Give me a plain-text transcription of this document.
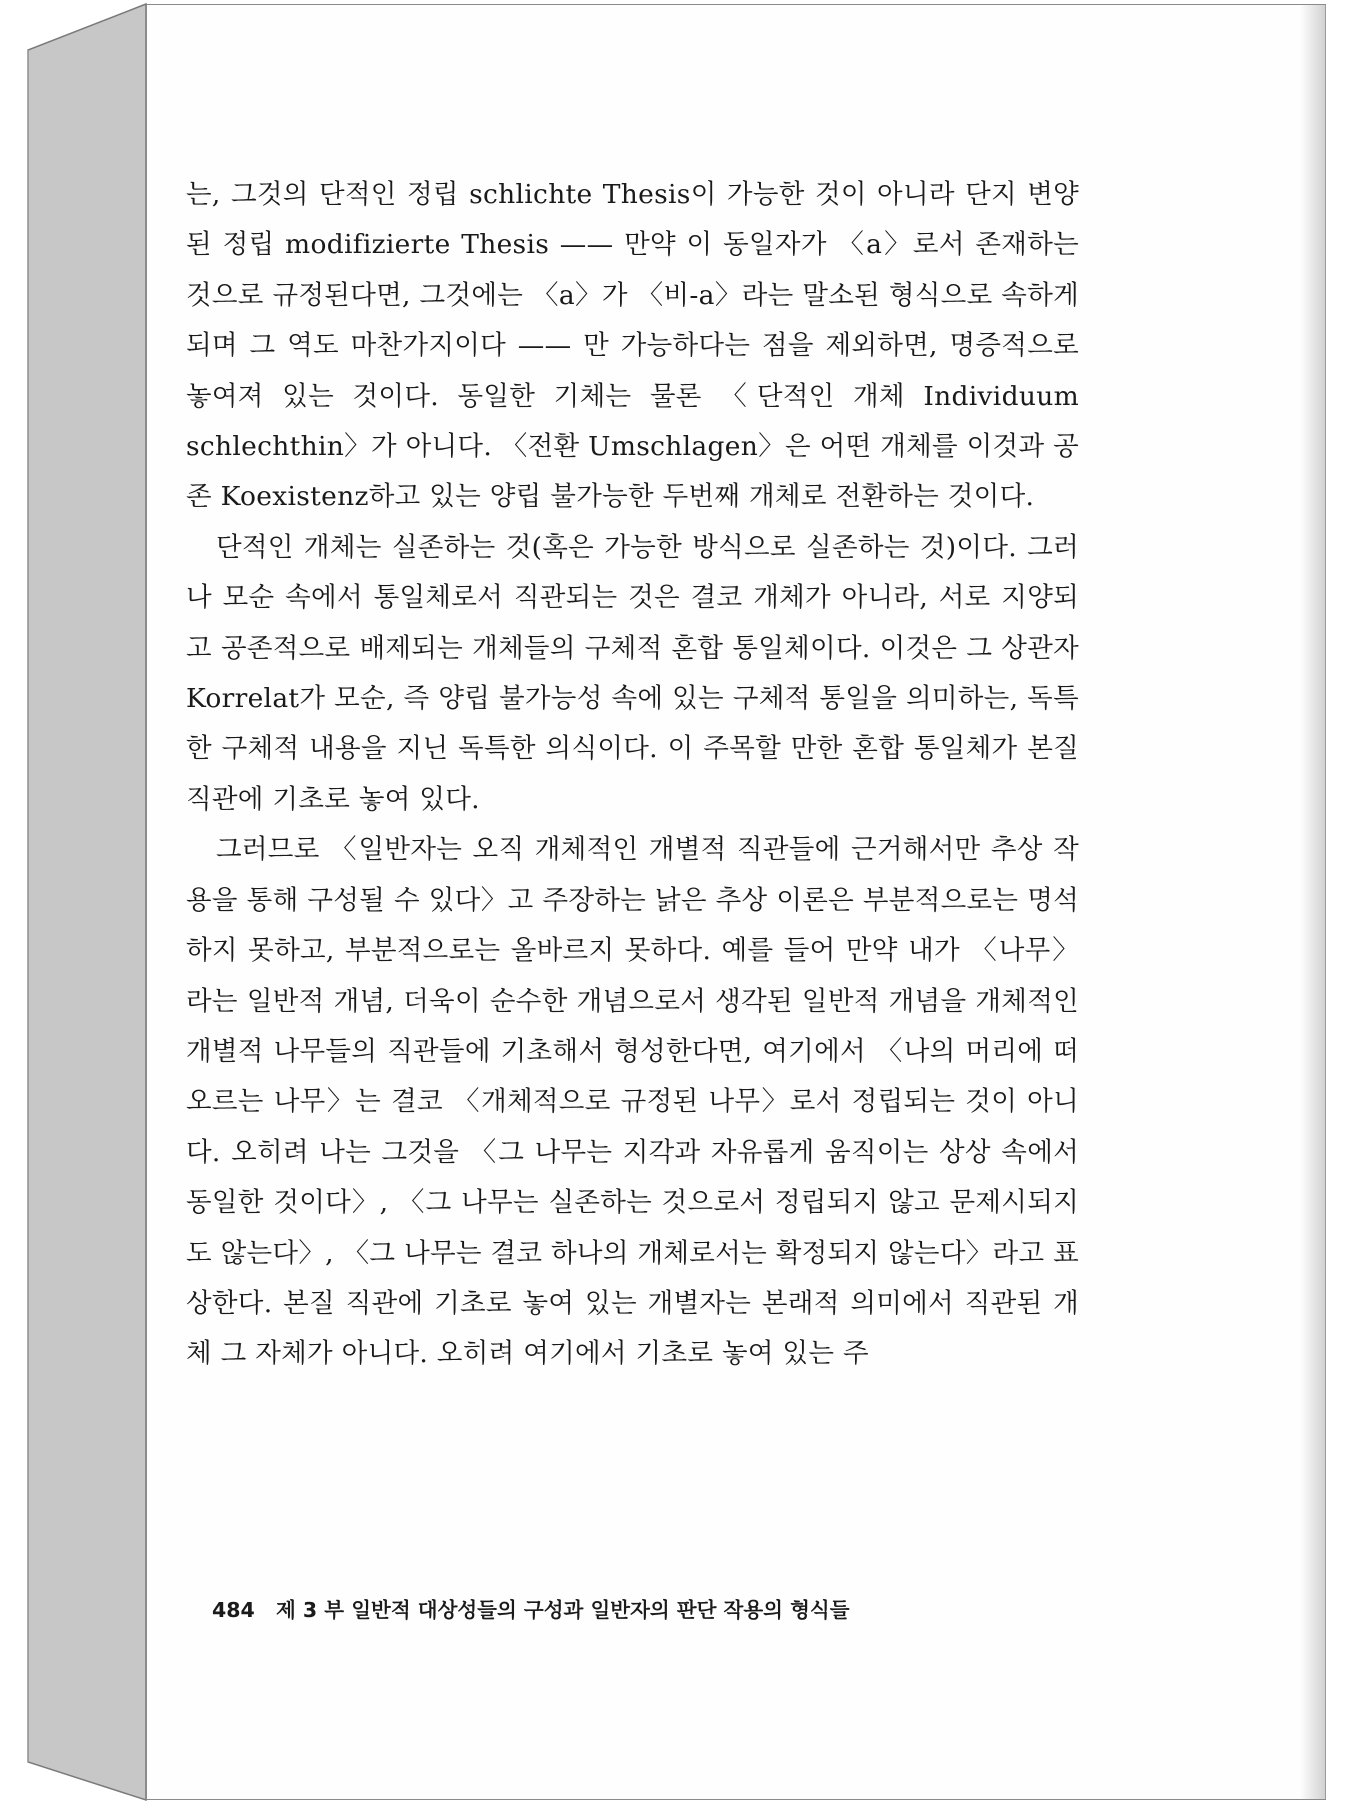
는, 그것의 단적인 정립 schlichte Thesis이 가능한 것이 아니라 단지 변양된 정립 modifizierte Thesis —— 만약 이 동일자가 〈a〉로서 존재하는 것으로 규정된다면, 그것에는 〈a〉가 〈비-a〉라는 말소된 형식으로 속하게 되며 그 역도 마찬가지이다 —— 만 가능하다는 점을 제외하면, 명증적으로 놓여져 있는 것이다. 동일한 기체는 물론 〈단적인 개체 Individuum schlechthin〉가 아니다. 〈전환 Umschlagen〉은 어떤 개체를 이것과 공존 Koexistenz하고 있는 양립 불가능한 두번째 개체로 전환하는 것이다.

단적인 개체는 실존하는 것(혹은 가능한 방식으로 실존하는 것)이다. 그러나 모순 속에서 통일체로서 직관되는 것은 결코 개체가 아니라, 서로 지양되고 공존적으로 배제되는 개체들의 구체적 혼합 통일체이다. 이것은 그 상관자 Korrelat가 모순, 즉 양립 불가능성 속에 있는 구체적 통일을 의미하는, 독특한 구체적 내용을 지닌 독특한 의식이다. 이 주목할 만한 혼합 통일체가 본질 직관에 기초로 놓여 있다.

그러므로 〈일반자는 오직 개체적인 개별적 직관들에 근거해서만 추상 작용을 통해 구성될 수 있다〉고 주장하는 낡은 추상 이론은 부분적으로는 명석하지 못하고, 부분적으로는 올바르지 못하다. 예를 들어 만약 내가 〈나무〉라는 일반적 개념, 더욱이 순수한 개념으로서 생각된 일반적 개념을 개체적인 개별적 나무들의 직관들에 기초해서 형성한다면, 여기에서 〈나의 머리에 떠오르는 나무〉는 결코 〈개체적으로 규정된 나무〉로서 정립되는 것이 아니다. 오히려 나는 그것을 〈그 나무는 지각과 자유롭게 움직이는 상상 속에서 동일한 것이다〉, 〈그 나무는 실존하는 것으로서 정립되지 않고 문제시되지도 않는다〉, 〈그 나무는 결코 하나의 개체로서는 확정되지 않는다〉라고 표상한다. 본질 직관에 기초로 놓여 있는 개별자는 본래적 의미에서 직관된 개체 그 자체가 아니다. 오히려 여기에서 기초로 놓여 있는 주

484 제 3 부 일반적 대상성들의 구성과 일반자의 판단 작용의 형식들
